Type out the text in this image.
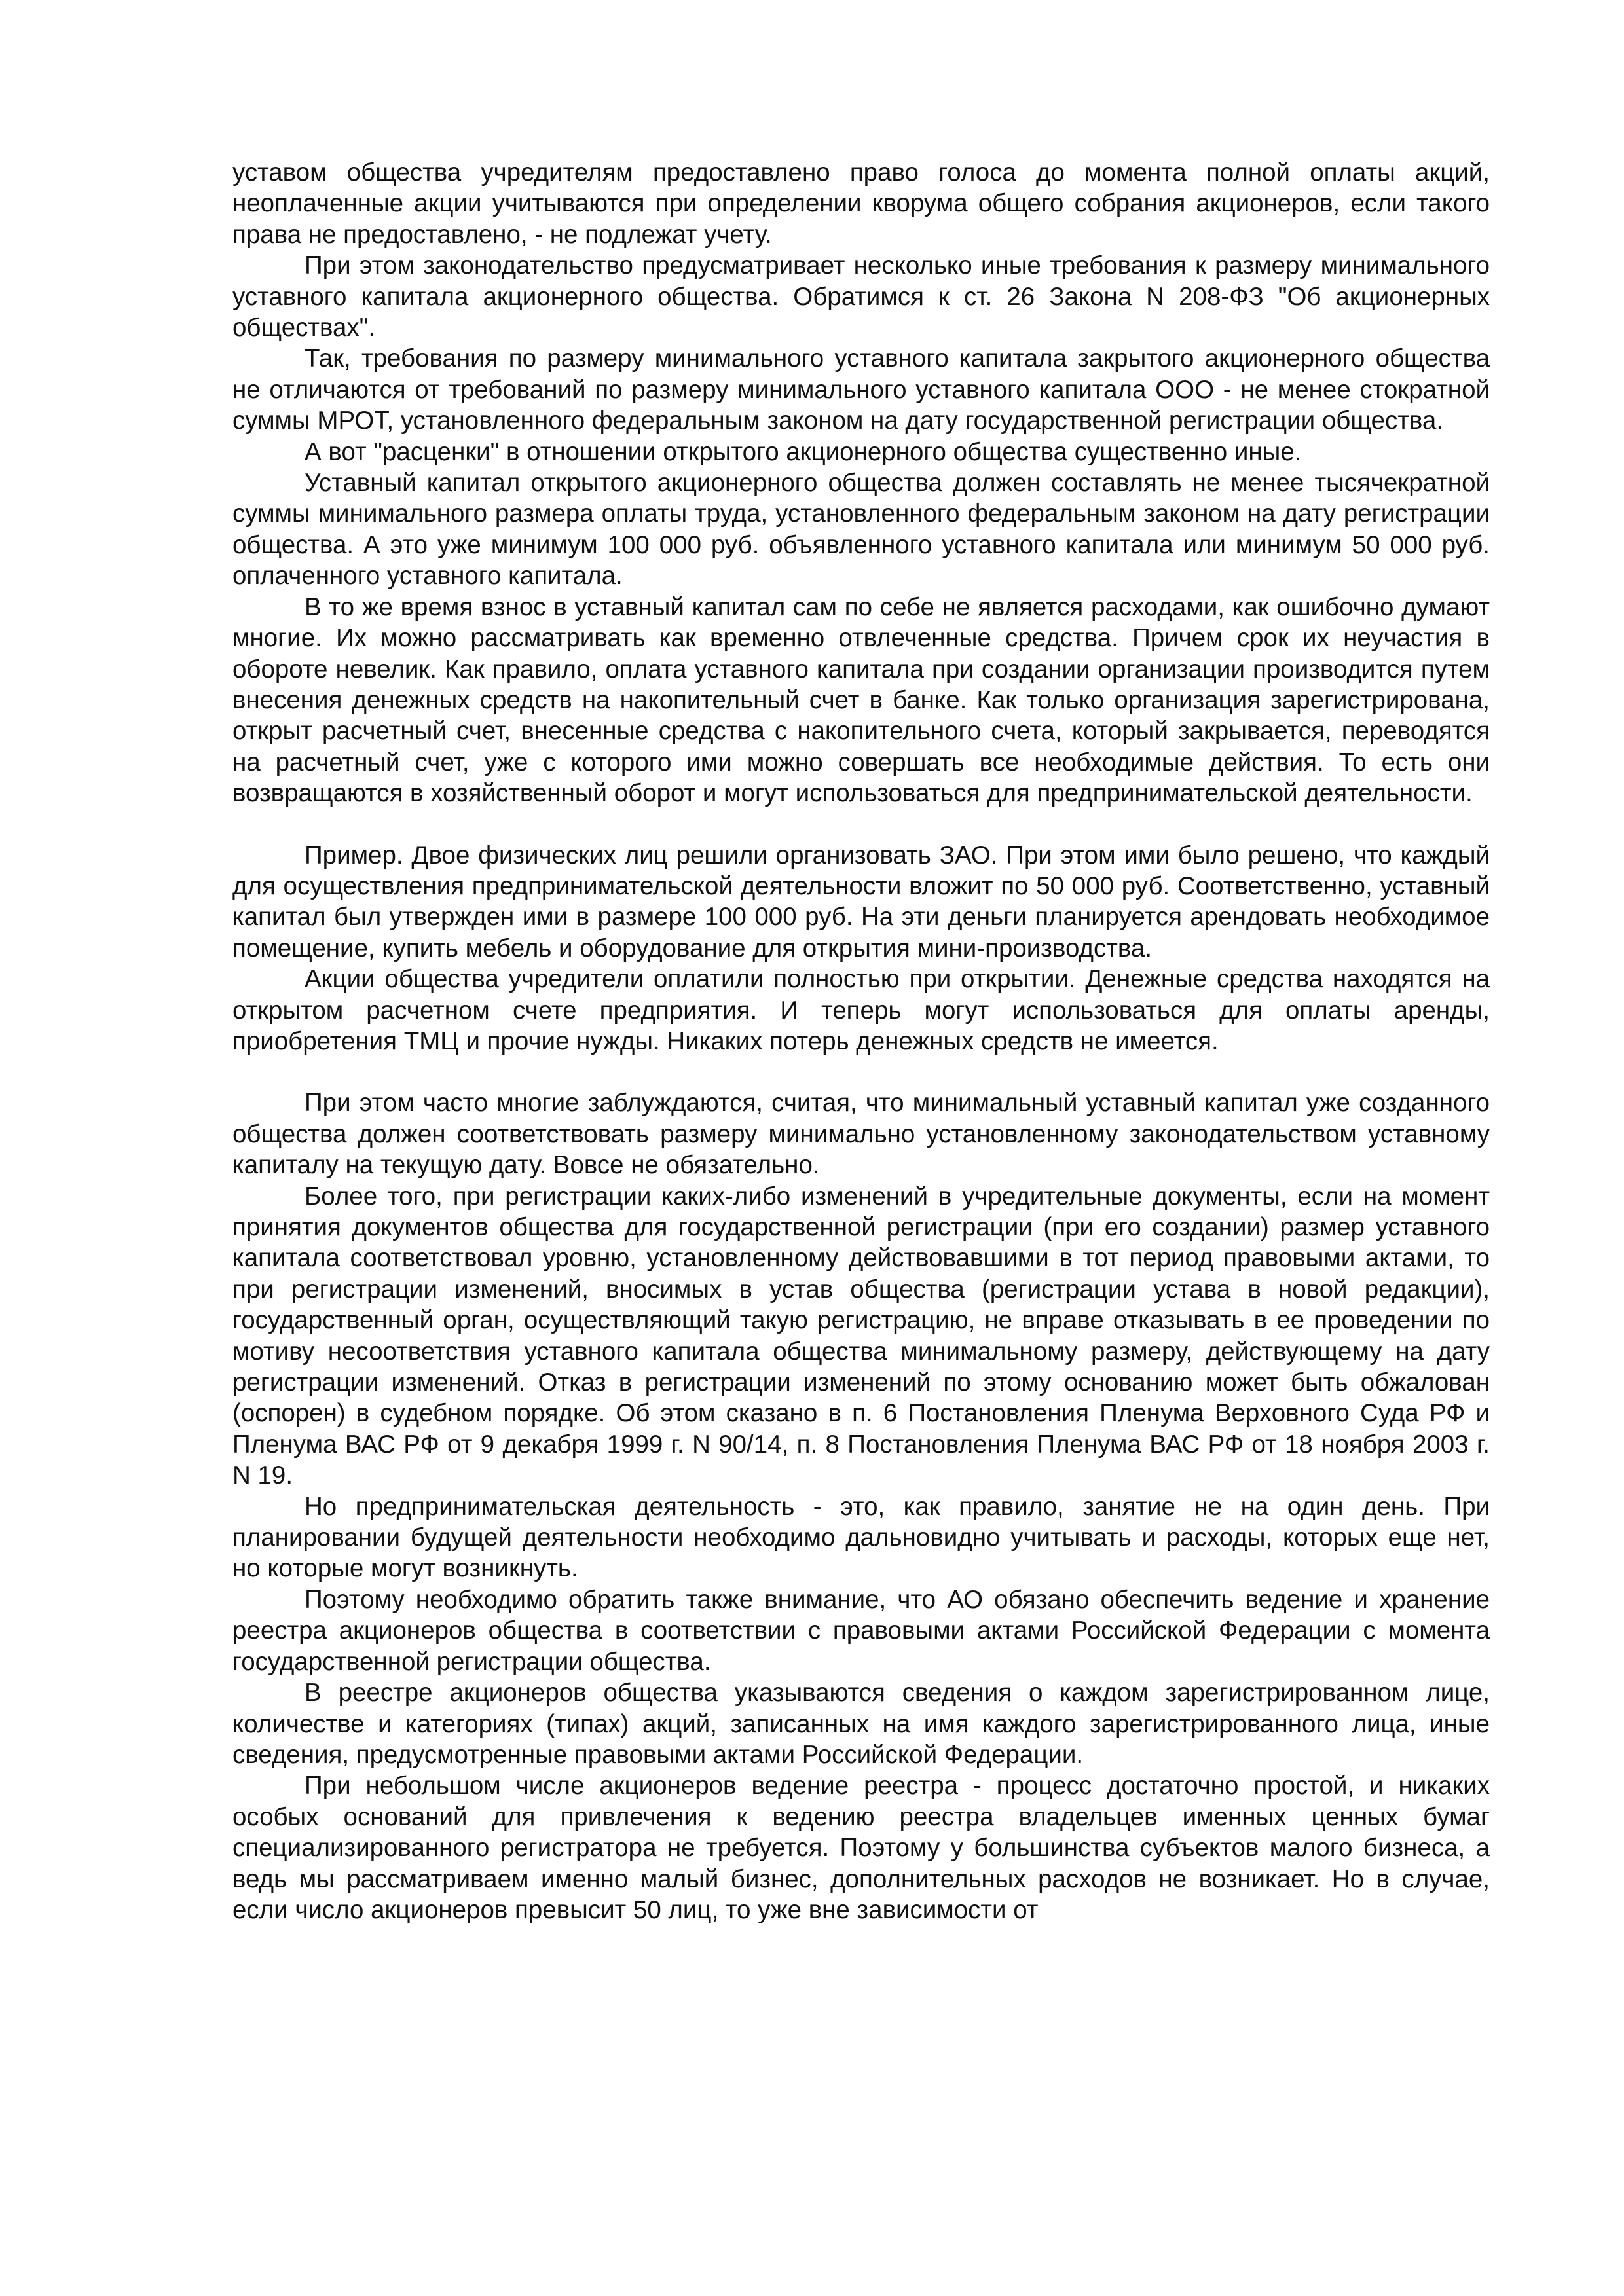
уставом общества учредителям предоставлено право голоса до момента полной оплаты акций, неоплаченные акции учитываются при определении кворума общего собрания акционеров, если такого права не предоставлено, - не подлежат учету.

При этом законодательство предусматривает несколько иные требования к размеру минимального уставного капитала акционерного общества. Обратимся к ст. 26 Закона N 208-ФЗ "Об акционерных обществах".

Так, требования по размеру минимального уставного капитала закрытого акционерного общества не отличаются от требований по размеру минимального уставного капитала ООО - не менее стократной суммы МРОТ, установленного федеральным законом на дату государственной регистрации общества.

А вот "расценки" в отношении открытого акционерного общества существенно иные.

Уставный капитал открытого акционерного общества должен составлять не менее тысячекратной суммы минимального размера оплаты труда, установленного федеральным законом на дату регистрации общества. А это уже минимум 100 000 руб. объявленного уставного капитала или минимум 50 000 руб. оплаченного уставного капитала.

В то же время взнос в уставный капитал сам по себе не является расходами, как ошибочно думают многие. Их можно рассматривать как временно отвлеченные средства. Причем срок их неучастия в обороте невелик. Как правило, оплата уставного капитала при создании организации производится путем внесения денежных средств на накопительный счет в банке. Как только организация зарегистрирована, открыт расчетный счет, внесенные средства с накопительного счета, который закрывается, переводятся на расчетный счет, уже с которого ими можно совершать все необходимые действия. То есть они возвращаются в хозяйственный оборот и могут использоваться для предпринимательской деятельности.

Пример. Двое физических лиц решили организовать ЗАО. При этом ими было решено, что каждый для осуществления предпринимательской деятельности вложит по 50 000 руб. Соответственно, уставный капитал был утвержден ими в размере 100 000 руб. На эти деньги планируется арендовать необходимое помещение, купить мебель и оборудование для открытия мини-производства.

Акции общества учредители оплатили полностью при открытии. Денежные средства находятся на открытом расчетном счете предприятия. И теперь могут использоваться для оплаты аренды, приобретения ТМЦ и прочие нужды. Никаких потерь денежных средств не имеется.

При этом часто многие заблуждаются, считая, что минимальный уставный капитал уже созданного общества должен соответствовать размеру минимально установленному законодательством уставному капиталу на текущую дату. Вовсе не обязательно.

Более того, при регистрации каких-либо изменений в учредительные документы, если на момент принятия документов общества для государственной регистрации (при его создании) размер уставного капитала соответствовал уровню, установленному действовавшими в тот период правовыми актами, то при регистрации изменений, вносимых в устав общества (регистрации устава в новой редакции), государственный орган, осуществляющий такую регистрацию, не вправе отказывать в ее проведении по мотиву несоответствия уставного капитала общества минимальному размеру, действующему на дату регистрации изменений. Отказ в регистрации изменений по этому основанию может быть обжалован (оспорен) в судебном порядке. Об этом сказано в п. 6 Постановления Пленума Верховного Суда РФ и Пленума ВАС РФ от 9 декабря 1999 г. N 90/14, п. 8 Постановления Пленума ВАС РФ от 18 ноября 2003 г. N 19.

Но предпринимательская деятельность - это, как правило, занятие не на один день. При планировании будущей деятельности необходимо дальновидно учитывать и расходы, которых еще нет, но которые могут возникнуть.

Поэтому необходимо обратить также внимание, что АО обязано обеспечить ведение и хранение реестра акционеров общества в соответствии с правовыми актами Российской Федерации с момента государственной регистрации общества.

В реестре акционеров общества указываются сведения о каждом зарегистрированном лице, количестве и категориях (типах) акций, записанных на имя каждого зарегистрированного лица, иные сведения, предусмотренные правовыми актами Российской Федерации.

При небольшом числе акционеров ведение реестра - процесс достаточно простой, и никаких особых оснований для привлечения к ведению реестра владельцев именных ценных бумаг специализированного регистратора не требуется. Поэтому у большинства субъектов малого бизнеса, а ведь мы рассматриваем именно малый бизнес, дополнительных расходов не возникает. Но в случае, если число акционеров превысит 50 лиц, то уже вне зависимости от
